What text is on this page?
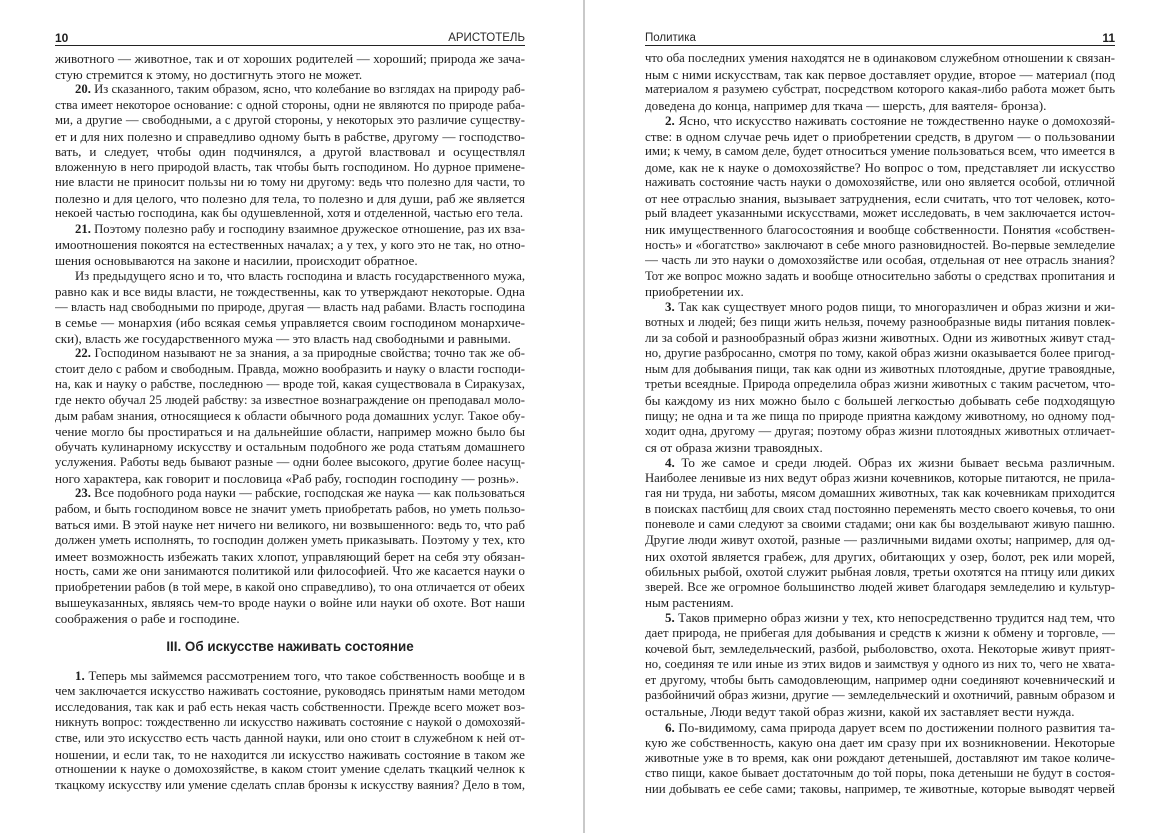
10	АРИСТОТЕЛЬ
животного — животное, так и от хороших родителей — хороший; природа же зача-
стую стремится к этому, но достигнуть этого не может.
20. Из сказанного, таким образом, ясно, что колебание во взглядах на природу раб-
ства имеет некоторое основание: с одной стороны, одни не являются по природе раба-
ми, а другие — свободными, а с другой стороны, у некоторых это различие существу-
ет и для них полезно и справедливо одному быть в рабстве, другому — господство-
вать, и следует, чтобы один подчинялся, а другой властвовал и осуществлял
вложенную в него природой власть, так чтобы быть господином. Но дурное примене-
ние власти не приносит пользы ни ю тому ни другому: ведь что полезно для части, то
полезно и для целого, что полезно для тела, то полезно и для души, раб же является
некоей частью господина, как бы одушевленной, хотя и отделенной, частью его тела.
21. Поэтому полезно рабу и господину взаимное дружеское отношение, раз их вза-
имоотношения покоятся на естественных началах; а у тех, у кого это не так, но отно-
шения основываются на законе и насилии, происходит обратное.
Из предыдущего ясно и то, что власть господина и власть государственного мужа,
равно как и все виды власти, не тождественны, как то утверждают некоторые. Одна
— власть над свободными по природе, другая — власть над рабами. Власть господина
в семье — монархия (ибо всякая семья управляется своим господином монархиче-
ски), власть же государственного мужа — это власть над свободными и равными.
22. Господином называют не за знания, а за природные свойства; точно так же об-
стоит дело с рабом и свободным. Правда, можно вообразить и науку о власти господи-
на, как и науку о рабстве, последнюю — вроде той, какая существовала в Сиракузах,
где некто обучал 25 людей рабству: за известное вознаграждение он преподавал моло-
дым рабам знания, относящиеся к области обычного рода домашних услуг. Такое обу-
чение могло бы простираться и на дальнейшие области, например можно было бы
обучать кулинарному искусству и остальным подобного же рода статьям домашнего
услужения. Работы ведь бывают разные — одни более высокого, другие более насущ-
ного характера, как говорит и пословица «Раб рабу, господин господину — рознь».
23. Все подобного рода науки — рабские, господская же наука — как пользоваться
рабом, и быть господином вовсе не значит уметь приобретать рабов, но уметь пользо-
ваться ими. В этой науке нет ничего ни великого, ни возвышенного: ведь то, что раб
должен уметь исполнять, то господин должен уметь приказывать. Поэтому у тех, кто
имеет возможность избежать таких хлопот, управляющий берет на себя эту обязан-
ность, сами же они занимаются политикой или философией. Что же касается науки о
приобретении рабов (в той мере, в какой оно справедливо), то она отличается от обеих
вышеуказанных, являясь чем-то вроде науки о войне или науки об охоте. Вот наши
соображения о рабе и господине.
III. Об искусстве наживать состояние
1. Теперь мы займемся рассмотрением того, что такое собственность вообще и в
чем заключается искусство наживать состояние, руководясь принятым нами методом
исследования, так как и раб есть некая часть собственности. Прежде всего может воз-
никнуть вопрос: тождественно ли искусство наживать состояние с наукой о домохозяй-
стве, или это искусство есть часть данной науки, или оно стоит в служебном к ней от-
ношении, и если так, то не находится ли искусство наживать состояние в таком же
отношении к науке о домохозяйстве, в каком стоит умение сделать ткацкий челнок к
ткацкому искусству или умение сделать сплав бронзы к искусству ваяния? Дело в том,
Политика	11
что оба последних умения находятся не в одинаковом служебном отношении к связан-
ным с ними искусствам, так как первое доставляет орудие, второе — материал (под
материалом я разумею субстрат, посредством которого какая-либо работа может быть
доведена до конца, например для ткача — шерсть, для ваятеля- бронза).
2. Ясно, что искусство наживать состояние не тождественно науке о домохозяй-
стве: в одном случае речь идет о приобретении средств, в другом — о пользовании
ими; к чему, в самом деле, будет относиться умение пользоваться всем, что имеется в
доме, как не к науке о домохозяйстве? Но вопрос о том, представляет ли искусство
наживать состояние часть науки о домохозяйстве, или оно является особой, отличной
от нее отраслью знания, вызывает затруднения, если считать, что тот человек, кото-
рый владеет указанными искусствами, может исследовать, в чем заключается источ-
ник имущественного благосостояния и вообще собственности. Понятия «собствен-
ность» и «богатство» заключают в себе много разновидностей. Во-первые земледелие
— часть ли это науки о домохозяйстве или особая, отдельная от нее отрасль знания?
Тот же вопрос можно задать и вообще относительно заботы о средствах пропитания и
приобретении их.
3. Так как существует много родов пищи, то многоразличен и образ жизни и жи-
вотных и людей; без пищи жить нельзя, почему разнообразные виды питания повлек-
ли за собой и разнообразный образ жизни животных. Одни из животных живут стад-
но, другие разбросанно, смотря по тому, какой образ жизни оказывается более пригод-
ным для добывания пищи, так как одни из животных плотоядные, другие травоядные,
третьи всеядные. Природа определила образ жизни животных с таким расчетом, что-
бы каждому из них можно было с большей легкостью добывать себе подходящую
пищу; не одна и та же пища по природе приятна каждому животному, но одному под-
ходит одна, другому — другая; поэтому образ жизни плотоядных животных отличает-
ся от образа жизни травоядных.
4. То же самое и среди людей. Образ их жизни бывает весьма различным.
Наиболее ленивые из них ведут образ жизни кочевников, которые питаются, не прила-
гая ни труда, ни заботы, мясом домашних животных, так как кочевникам приходится
в поисках пастбищ для своих стад постоянно переменять место своего кочевья, то они
поневоле и сами следуют за своими стадами; они как бы возделывают живую пашню.
Другие люди живут охотой, разные — различными видами охоты; например, для од-
них охотой является грабеж, для других, обитающих у озер, болот, рек или морей,
обильных рыбой, охотой служит рыбная ловля, третьи охотятся на птицу или диких
зверей. Все же огромное большинство людей живет благодаря земледелию и культур-
ным растениям.
5. Таков примерно образ жизни у тех, кто непосредственно трудится над тем, что
дает природа, не прибегая для добывания и средств к жизни к обмену и торговле, —
кочевой быт, земледельческий, разбой, рыболовство, охота. Некоторые живут прият-
но, соединяя те или иные из этих видов и заимствуя у одного из них то, чего не хвата-
ет другому, чтобы быть самодовлеющим, например одни соединяют кочевнический и
разбойничий образ жизни, другие — земледельческий и охотничий, равным образом и
остальные, Люди ведут такой образ жизни, какой их заставляет вести нужда.
6. По-видимому, сама природа дарует всем по достижении полного развития та-
кую же собственность, какую она дает им сразу при их возникновении. Некоторые
животные уже в то время, как они рождают детенышей, доставляют им такое количе-
ство пищи, какое бывает достаточным до той поры, пока детеныши не будут в состоя-
нии добывать ее себе сами; таковы, например, те животные, которые выводят червей
